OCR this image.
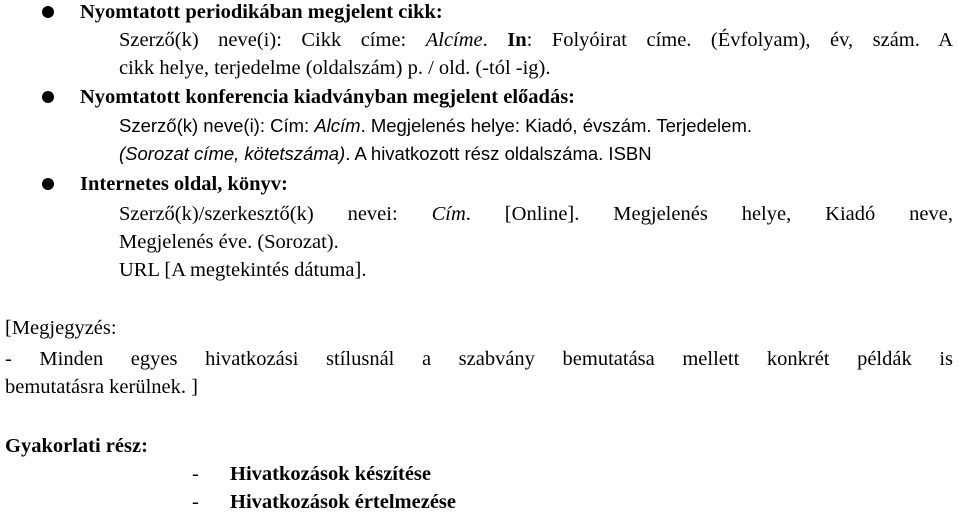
Nyomtatott periodikában megjelent cikk:
Szerző(k) neve(i): Cikk címe: Alcíme. In: Folyóirat címe. (Évfolyam), év, szám. A
cikk helye, terjedelme (oldalszám) p. / old. (-tól -ig).
Nyomtatott konferencia kiadványban megjelent előadás:
Szerző(k) neve(i): Cím: Alcím. Megjelenés helye: Kiadó, évszám. Terjedelem.
(Sorozat címe, kötetszáma). A hivatkozott rész oldalszáma. ISBN
Internetes oldal, könyv:
Szerző(k)/szerkesztő(k) nevei: Cím. [Online]. Megjelenés helye, Kiadó neve,
Megjelenés éve. (Sorozat).
URL [A megtekintés dátuma].
[Megjegyzés:
- Minden egyes hivatkozási stílusnál a szabvány bemutatása mellett konkrét példák is
bemutatásra kerülnek. ]
Gyakorlati rész:
- Hivatkozások készítése
- Hivatkozások értelmezése
